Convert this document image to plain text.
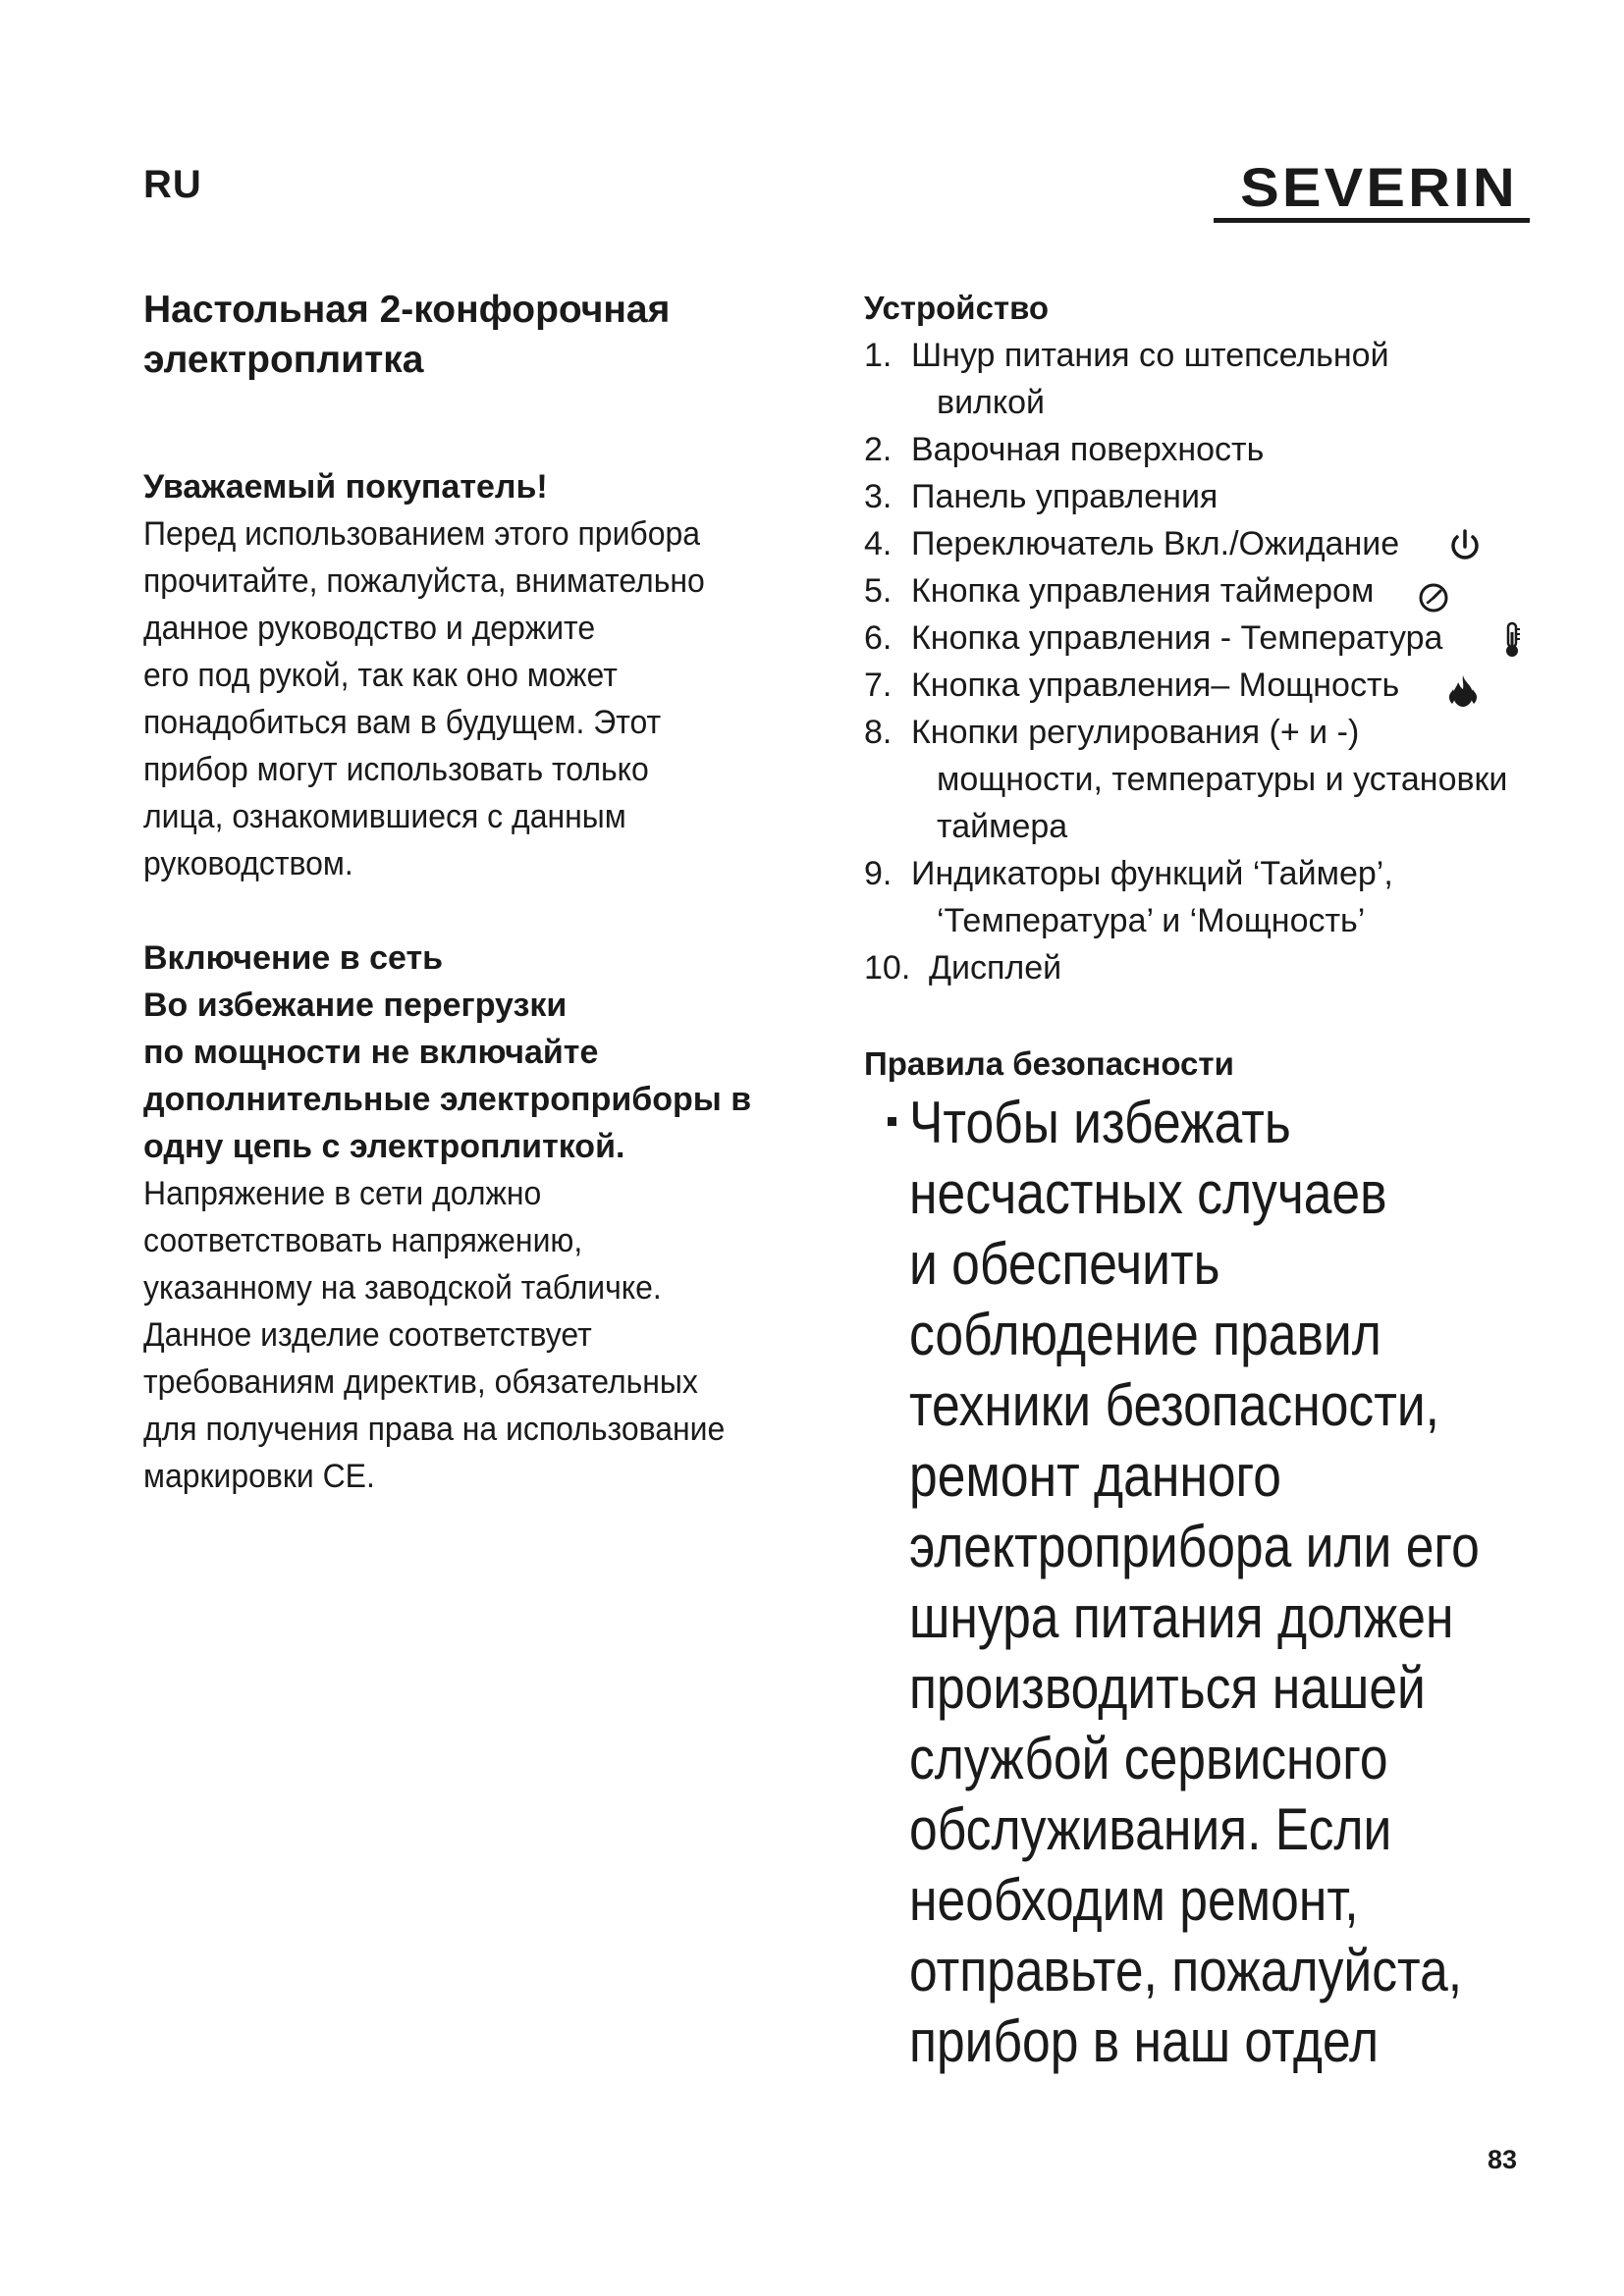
RU	SEVERIN
Настольная 2-конфорочная электроплитка

Уважаемый покупатель!

Перед использованием этого прибора

прочитайте, пожалуйста, внимательно

данное руководство и держите

его под рукой, так как оно может

понадобиться вам в будущем. Этот

прибор могут использовать только

лица, ознакомившиеся с данным

руководством.

Включение в сеть

Во избежание перегрузки

по мощности не включайте

дополнительные электроприборы в

одну цепь с электроплиткой.

Напряжение в сети должно

соответствовать напряжению,

указанному на заводской табличке.

Данное изделие соответствует

требованиям директив, обязательных

для получения права на использование

маркировки CE.

Устройство

1. Шнур питания со штепсельной
вилкой
2. Варочная поверхность
3. Панель управления
4. Переключатель Вкл./Ожидание
5. Кнопка управления таймером
6. Кнопка управления - Температура
7. Кнопка управления– Мощность
8. Кнопки регулирования (+ и -)
мощности, температуры и установки
таймера
9. Индикаторы функций ‘Таймер’,
‘Температура’ и ‘Мощность’
10. Дисплей

Правила безопасности

Чтобы избежать

несчастных случаев

и обеспечить

соблюдение правил

техники безопасности,

ремонт данного

электроприбора или его

шнура питания должен

производиться нашей

службой сервисного

обслуживания. Если

необходим ремонт,

отправьте, пожалуйста,

прибор в наш отдел

83
